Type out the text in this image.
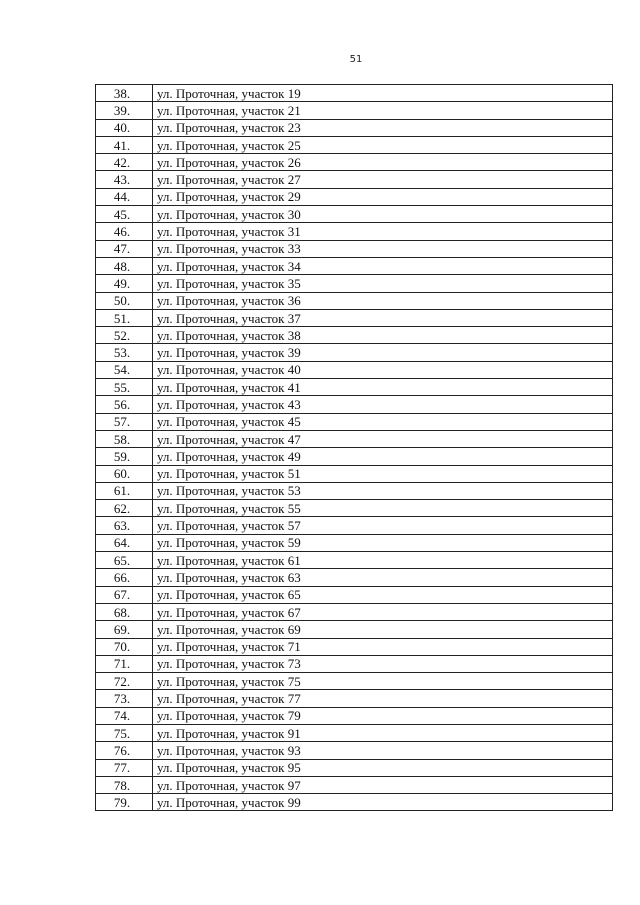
51
38.	ул. Проточная, участок 19
39.	ул. Проточная, участок 21
40.	ул. Проточная, участок 23
41.	ул. Проточная, участок 25
42.	ул. Проточная, участок 26
43.	ул. Проточная, участок 27
44.	ул. Проточная, участок 29
45.	ул. Проточная, участок 30
46.	ул. Проточная, участок 31
47.	ул. Проточная, участок 33
48.	ул. Проточная, участок 34
49.	ул. Проточная, участок 35
50.	ул. Проточная, участок 36
51.	ул. Проточная, участок 37
52.	ул. Проточная, участок 38
53.	ул. Проточная, участок 39
54.	ул. Проточная, участок 40
55.	ул. Проточная, участок 41
56.	ул. Проточная, участок 43
57.	ул. Проточная, участок 45
58.	ул. Проточная, участок 47
59.	ул. Проточная, участок 49
60.	ул. Проточная, участок 51
61.	ул. Проточная, участок 53
62.	ул. Проточная, участок 55
63.	ул. Проточная, участок 57
64.	ул. Проточная, участок 59
65.	ул. Проточная, участок 61
66.	ул. Проточная, участок 63
67.	ул. Проточная, участок 65
68.	ул. Проточная, участок 67
69.	ул. Проточная, участок 69
70.	ул. Проточная, участок 71
71.	ул. Проточная, участок 73
72.	ул. Проточная, участок 75
73.	ул. Проточная, участок 77
74.	ул. Проточная, участок 79
75.	ул. Проточная, участок 91
76.	ул. Проточная, участок 93
77.	ул. Проточная, участок 95
78.	ул. Проточная, участок 97
79.	ул. Проточная, участок 99
